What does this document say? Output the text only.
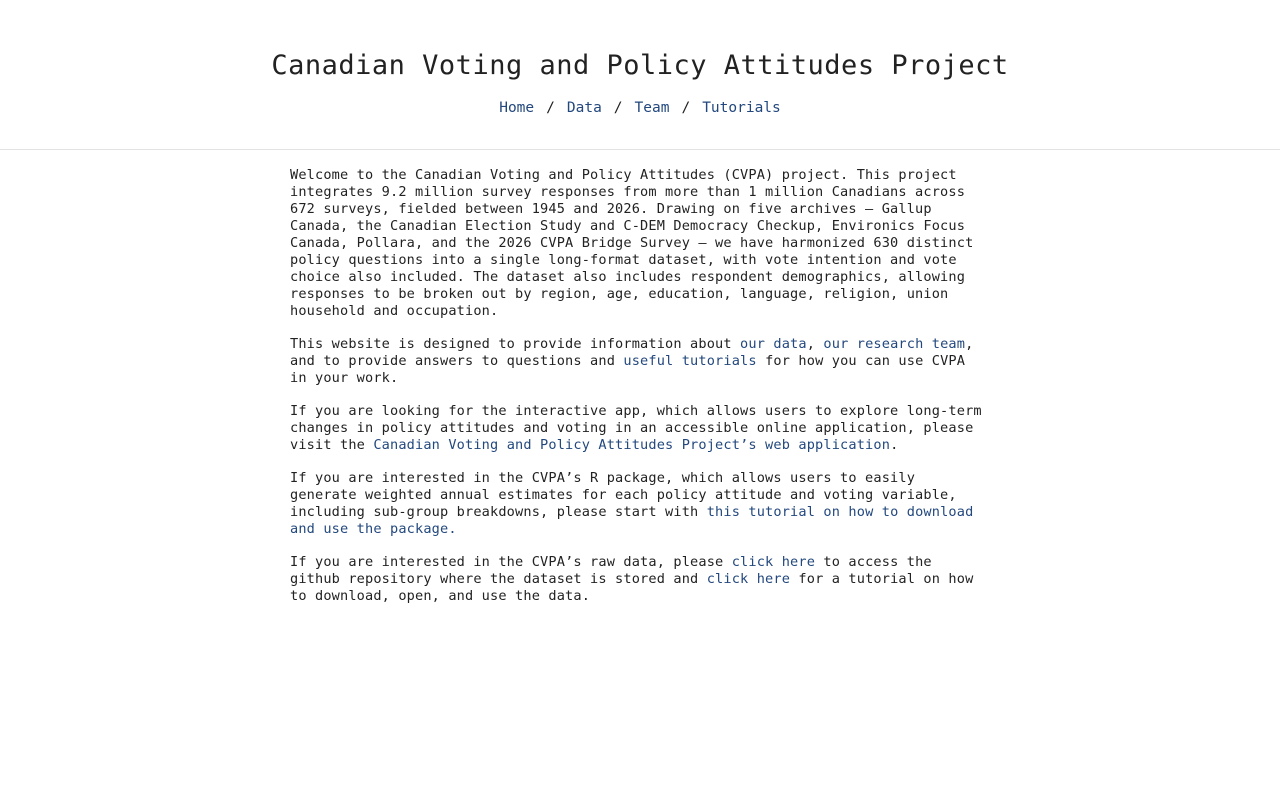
Canadian Voting and Policy Attitudes Project
Home / Data / Team / Tutorials

Welcome to the Canadian Voting and Policy Attitudes (CVPA) project. This project integrates 9.2 million survey responses from more than 1 million Canadians across 672 surveys, fielded between 1945 and 2026. Drawing on five archives — Gallup Canada, the Canadian Election Study and C-DEM Democracy Checkup, Environics Focus Canada, Pollara, and the 2026 CVPA Bridge Survey — we have harmonized 630 distinct policy questions into a single long-format dataset, with vote intention and vote choice also included. The dataset also includes respondent demographics, allowing responses to be broken out by region, age, education, language, religion, union household and occupation.

This website is designed to provide information about our data, our research team, and to provide answers to questions and useful tutorials for how you can use CVPA in your work.

If you are looking for the interactive app, which allows users to explore long-term changes in policy attitudes and voting in an accessible online application, please visit the Canadian Voting and Policy Attitudes Project’s web application.

If you are interested in the CVPA’s R package, which allows users to easily generate weighted annual estimates for each policy attitude and voting variable, including sub-group breakdowns, please start with this tutorial on how to download and use the package.

If you are interested in the CVPA’s raw data, please click here to access the github repository where the dataset is stored and click here for a tutorial on how to download, open, and use the data.
